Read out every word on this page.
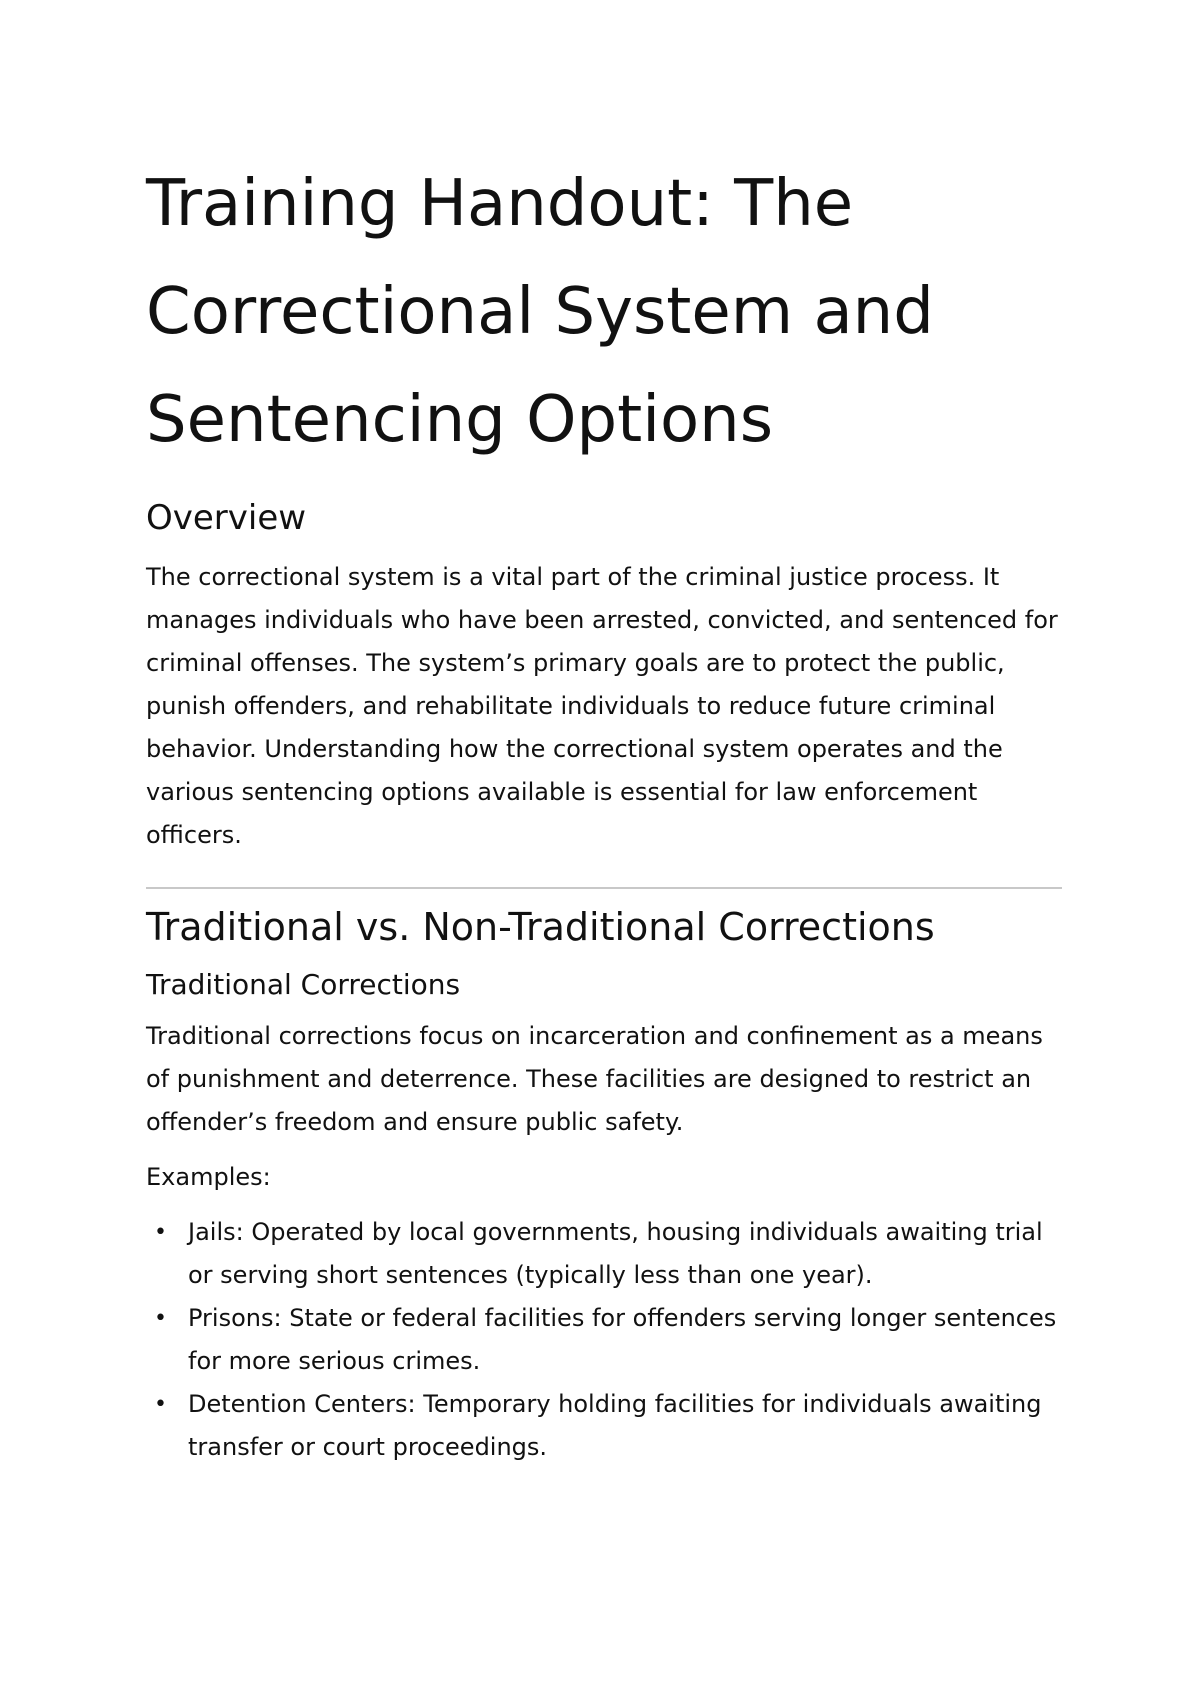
Training Handout: The Correctional System and Sentencing Options
Overview

The correctional system is a vital part of the criminal justice process. It manages individuals who have been arrested, convicted, and sentenced for criminal offenses. The system’s primary goals are to protect the public, punish offenders, and rehabilitate individuals to reduce future criminal behavior. Understanding how the correctional system operates and the various sentencing options available is essential for law enforcement officers.

Traditional vs. Non-Traditional Corrections
Traditional Corrections

Traditional corrections focus on incarceration and confinement as a means of punishment and deterrence. These facilities are designed to restrict an offender’s freedom and ensure public safety.

Examples:

• Jails: Operated by local governments, housing individuals awaiting trial or serving short sentences (typically less than one year).
• Prisons: State or federal facilities for offenders serving longer sentences for more serious crimes.
• Detention Centers: Temporary holding facilities for individuals awaiting transfer or court proceedings.
